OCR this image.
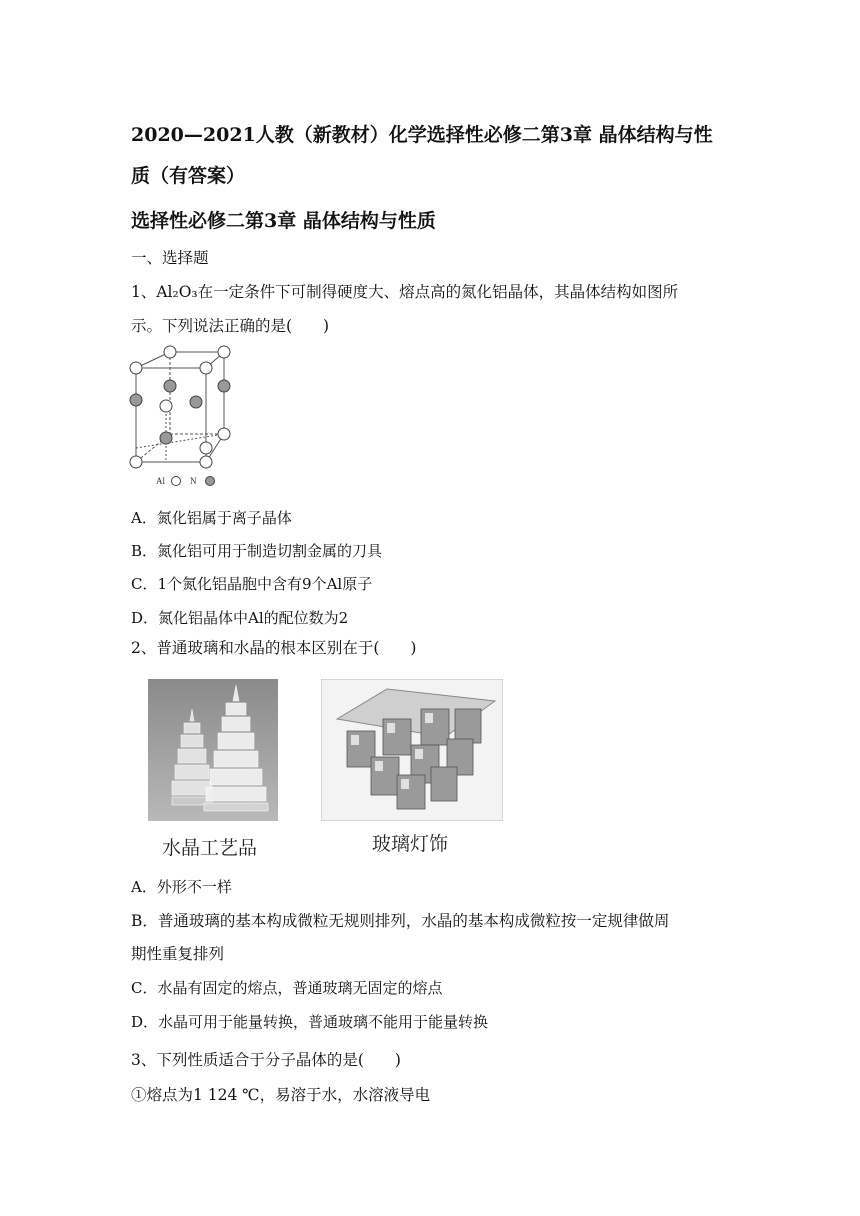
2020—2021人教（新教材）化学选择性必修二第3章 晶体结构与性
质（有答案）
选择性必修二第3章 晶体结构与性质
一、选择题
1、Al₂O₃在一定条件下可制得硬度大、熔点高的氮化铝晶体，其晶体结构如图所
示。下列说法正确的是(　　)
Al	N
A．氮化铝属于离子晶体
B．氮化铝可用于制造切割金属的刀具
C．1个氮化铝晶胞中含有9个Al原子
D．氮化铝晶体中Al的配位数为2
2、普通玻璃和水晶的根本区别在于(　　)
水晶工艺品	玻璃灯饰
A．外形不一样
B．普通玻璃的基本构成微粒无规则排列，水晶的基本构成微粒按一定规律做周
期性重复排列
C．水晶有固定的熔点，普通玻璃无固定的熔点
D．水晶可用于能量转换，普通玻璃不能用于能量转换
3、下列性质适合于分子晶体的是(　　)
①熔点为1 124 ℃，易溶于水，水溶液导电
